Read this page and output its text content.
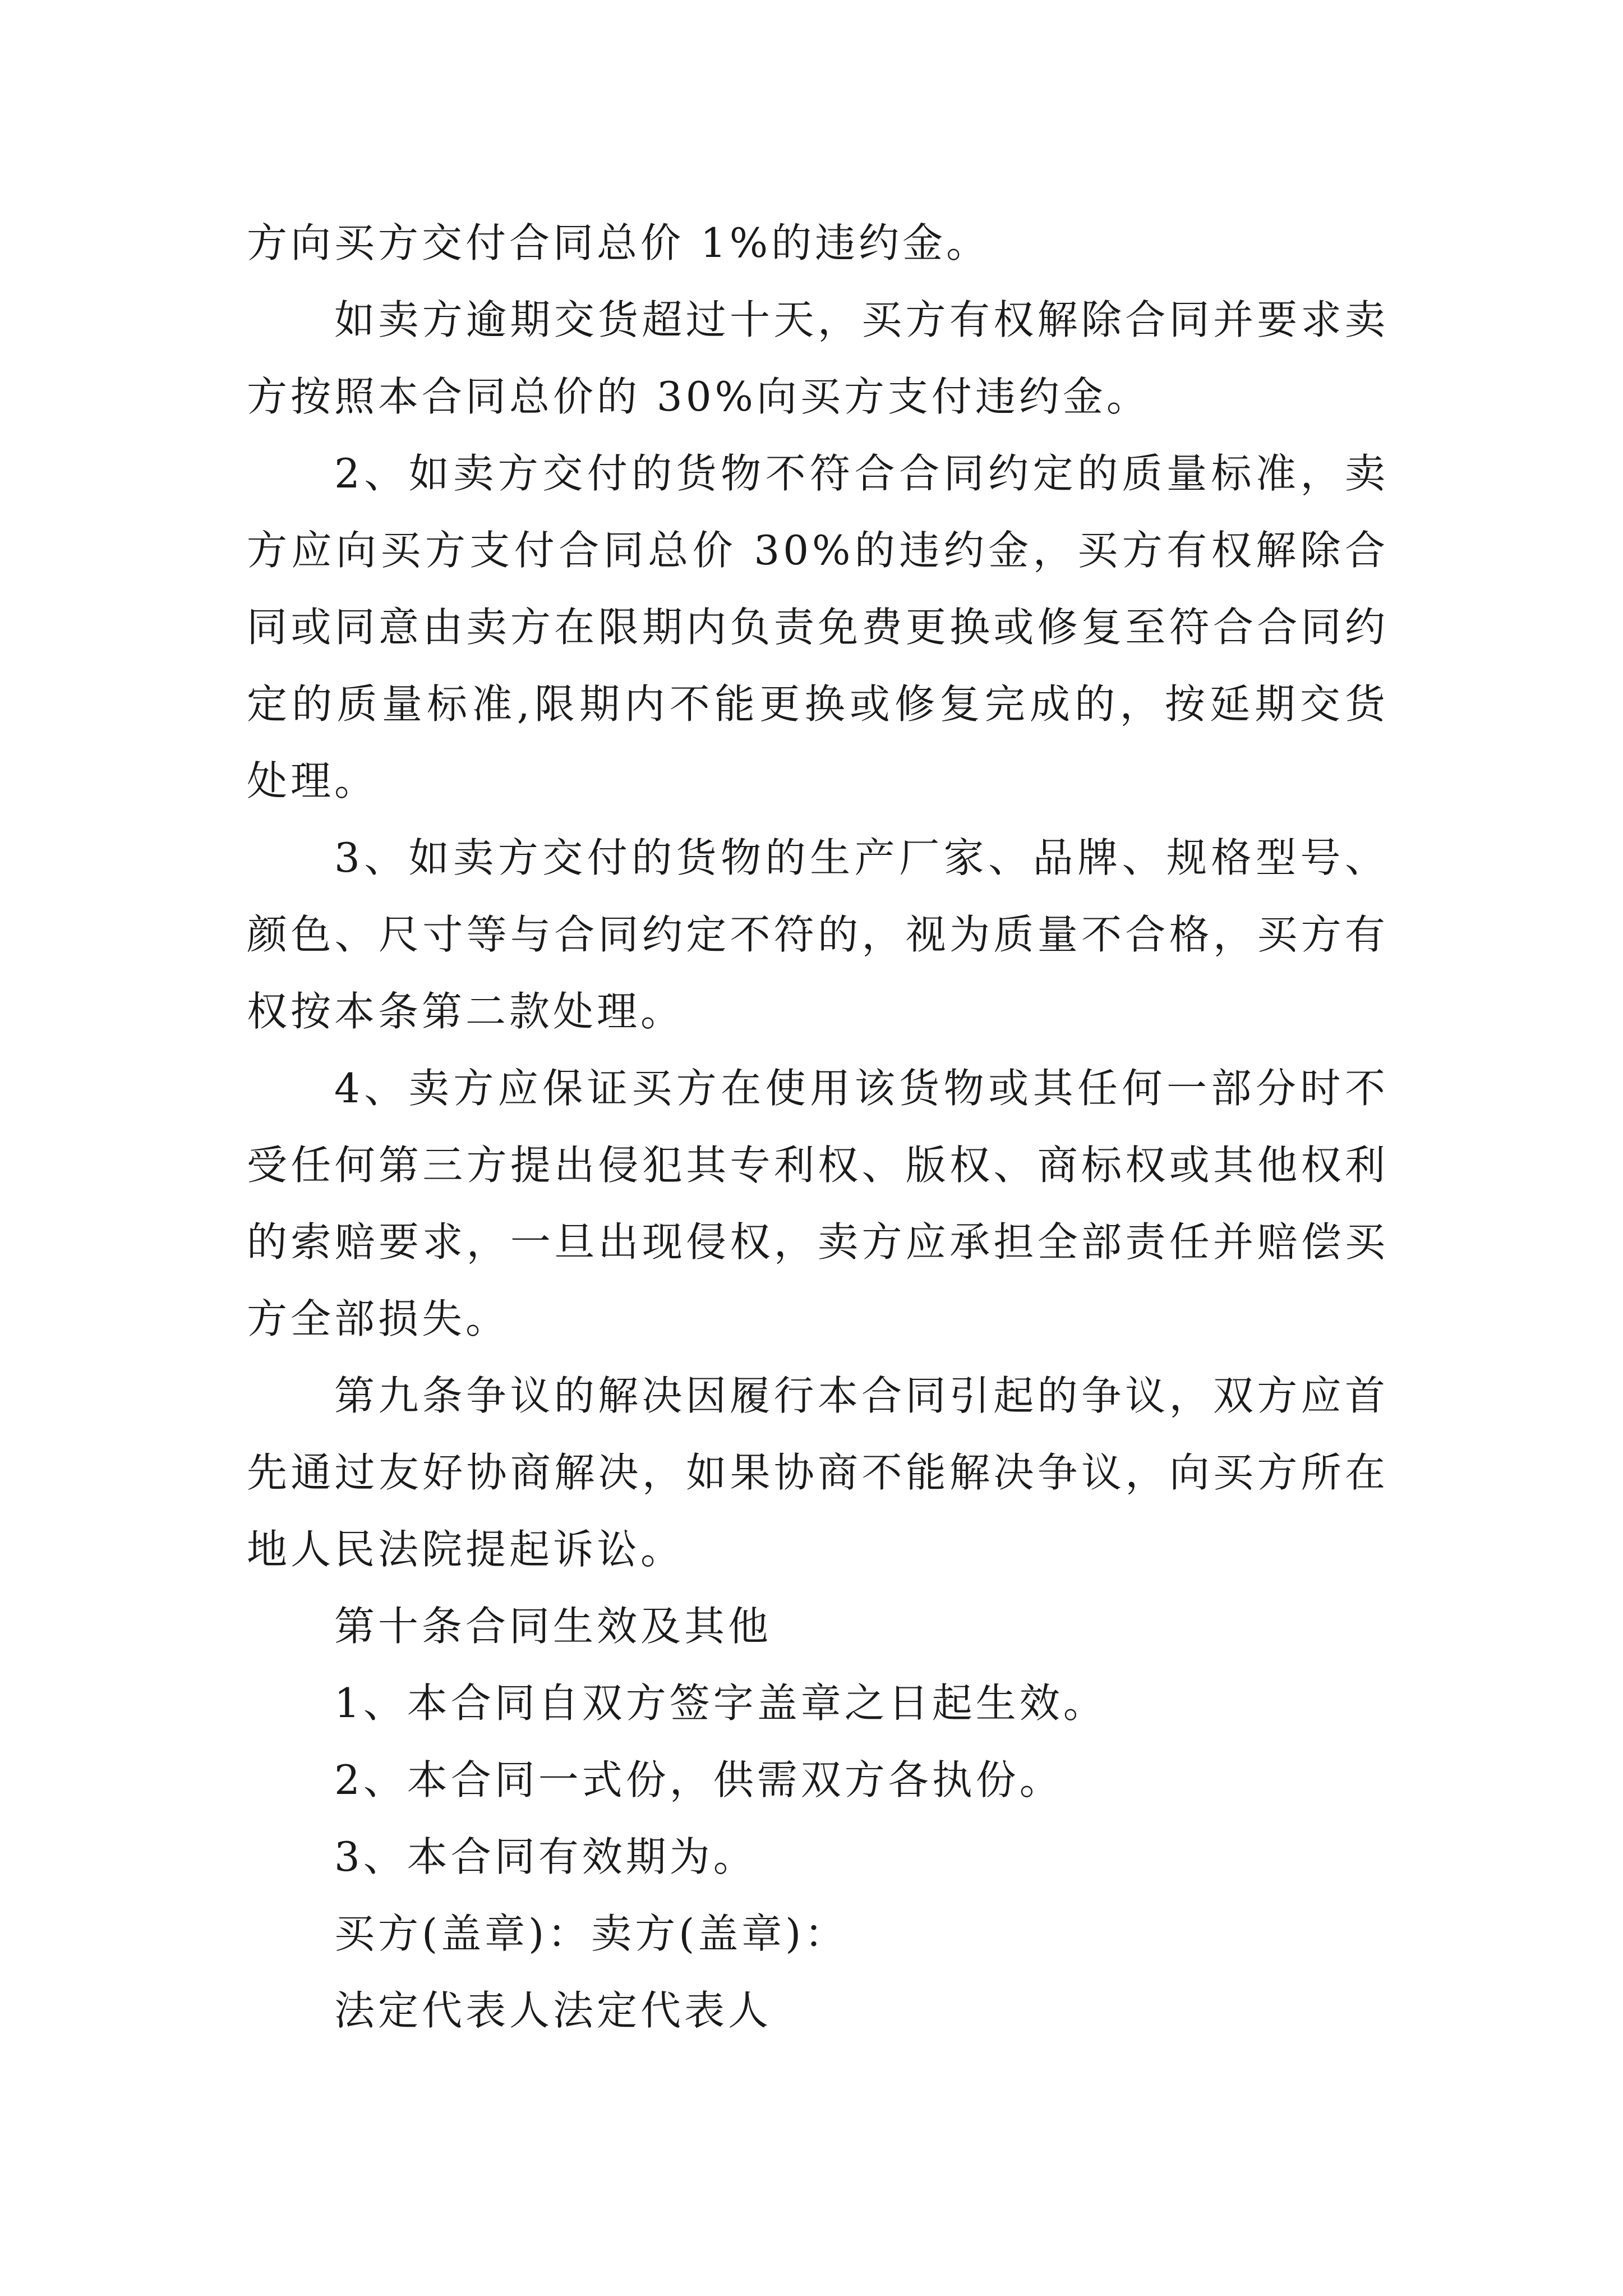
方向买方交付合同总价 1%的违约金。

如卖方逾期交货超过十天，买方有权解除合同并要求卖方按照本合同总价的 30%向买方支付违约金。

2、如卖方交付的货物不符合合同约定的质量标准，卖方应向买方支付合同总价 30%的违约金，买方有权解除合同或同意由卖方在限期内负责免费更换或修复至符合合同约定的质量标准,限期内不能更换或修复完成的，按延期交货处理。

3、如卖方交付的货物的生产厂家、品牌、规格型号、颜色、尺寸等与合同约定不符的，视为质量不合格，买方有权按本条第二款处理。

4、卖方应保证买方在使用该货物或其任何一部分时不受任何第三方提出侵犯其专利权、版权、商标权或其他权利的索赔要求，一旦出现侵权，卖方应承担全部责任并赔偿买方全部损失。

第九条争议的解决因履行本合同引起的争议，双方应首先通过友好协商解决，如果协商不能解决争议，向买方所在地人民法院提起诉讼。

第十条合同生效及其他

1、本合同自双方签字盖章之日起生效。

2、本合同一式份，供需双方各执份。

3、本合同有效期为。

买方(盖章)：卖方(盖章)：

法定代表人法定代表人
